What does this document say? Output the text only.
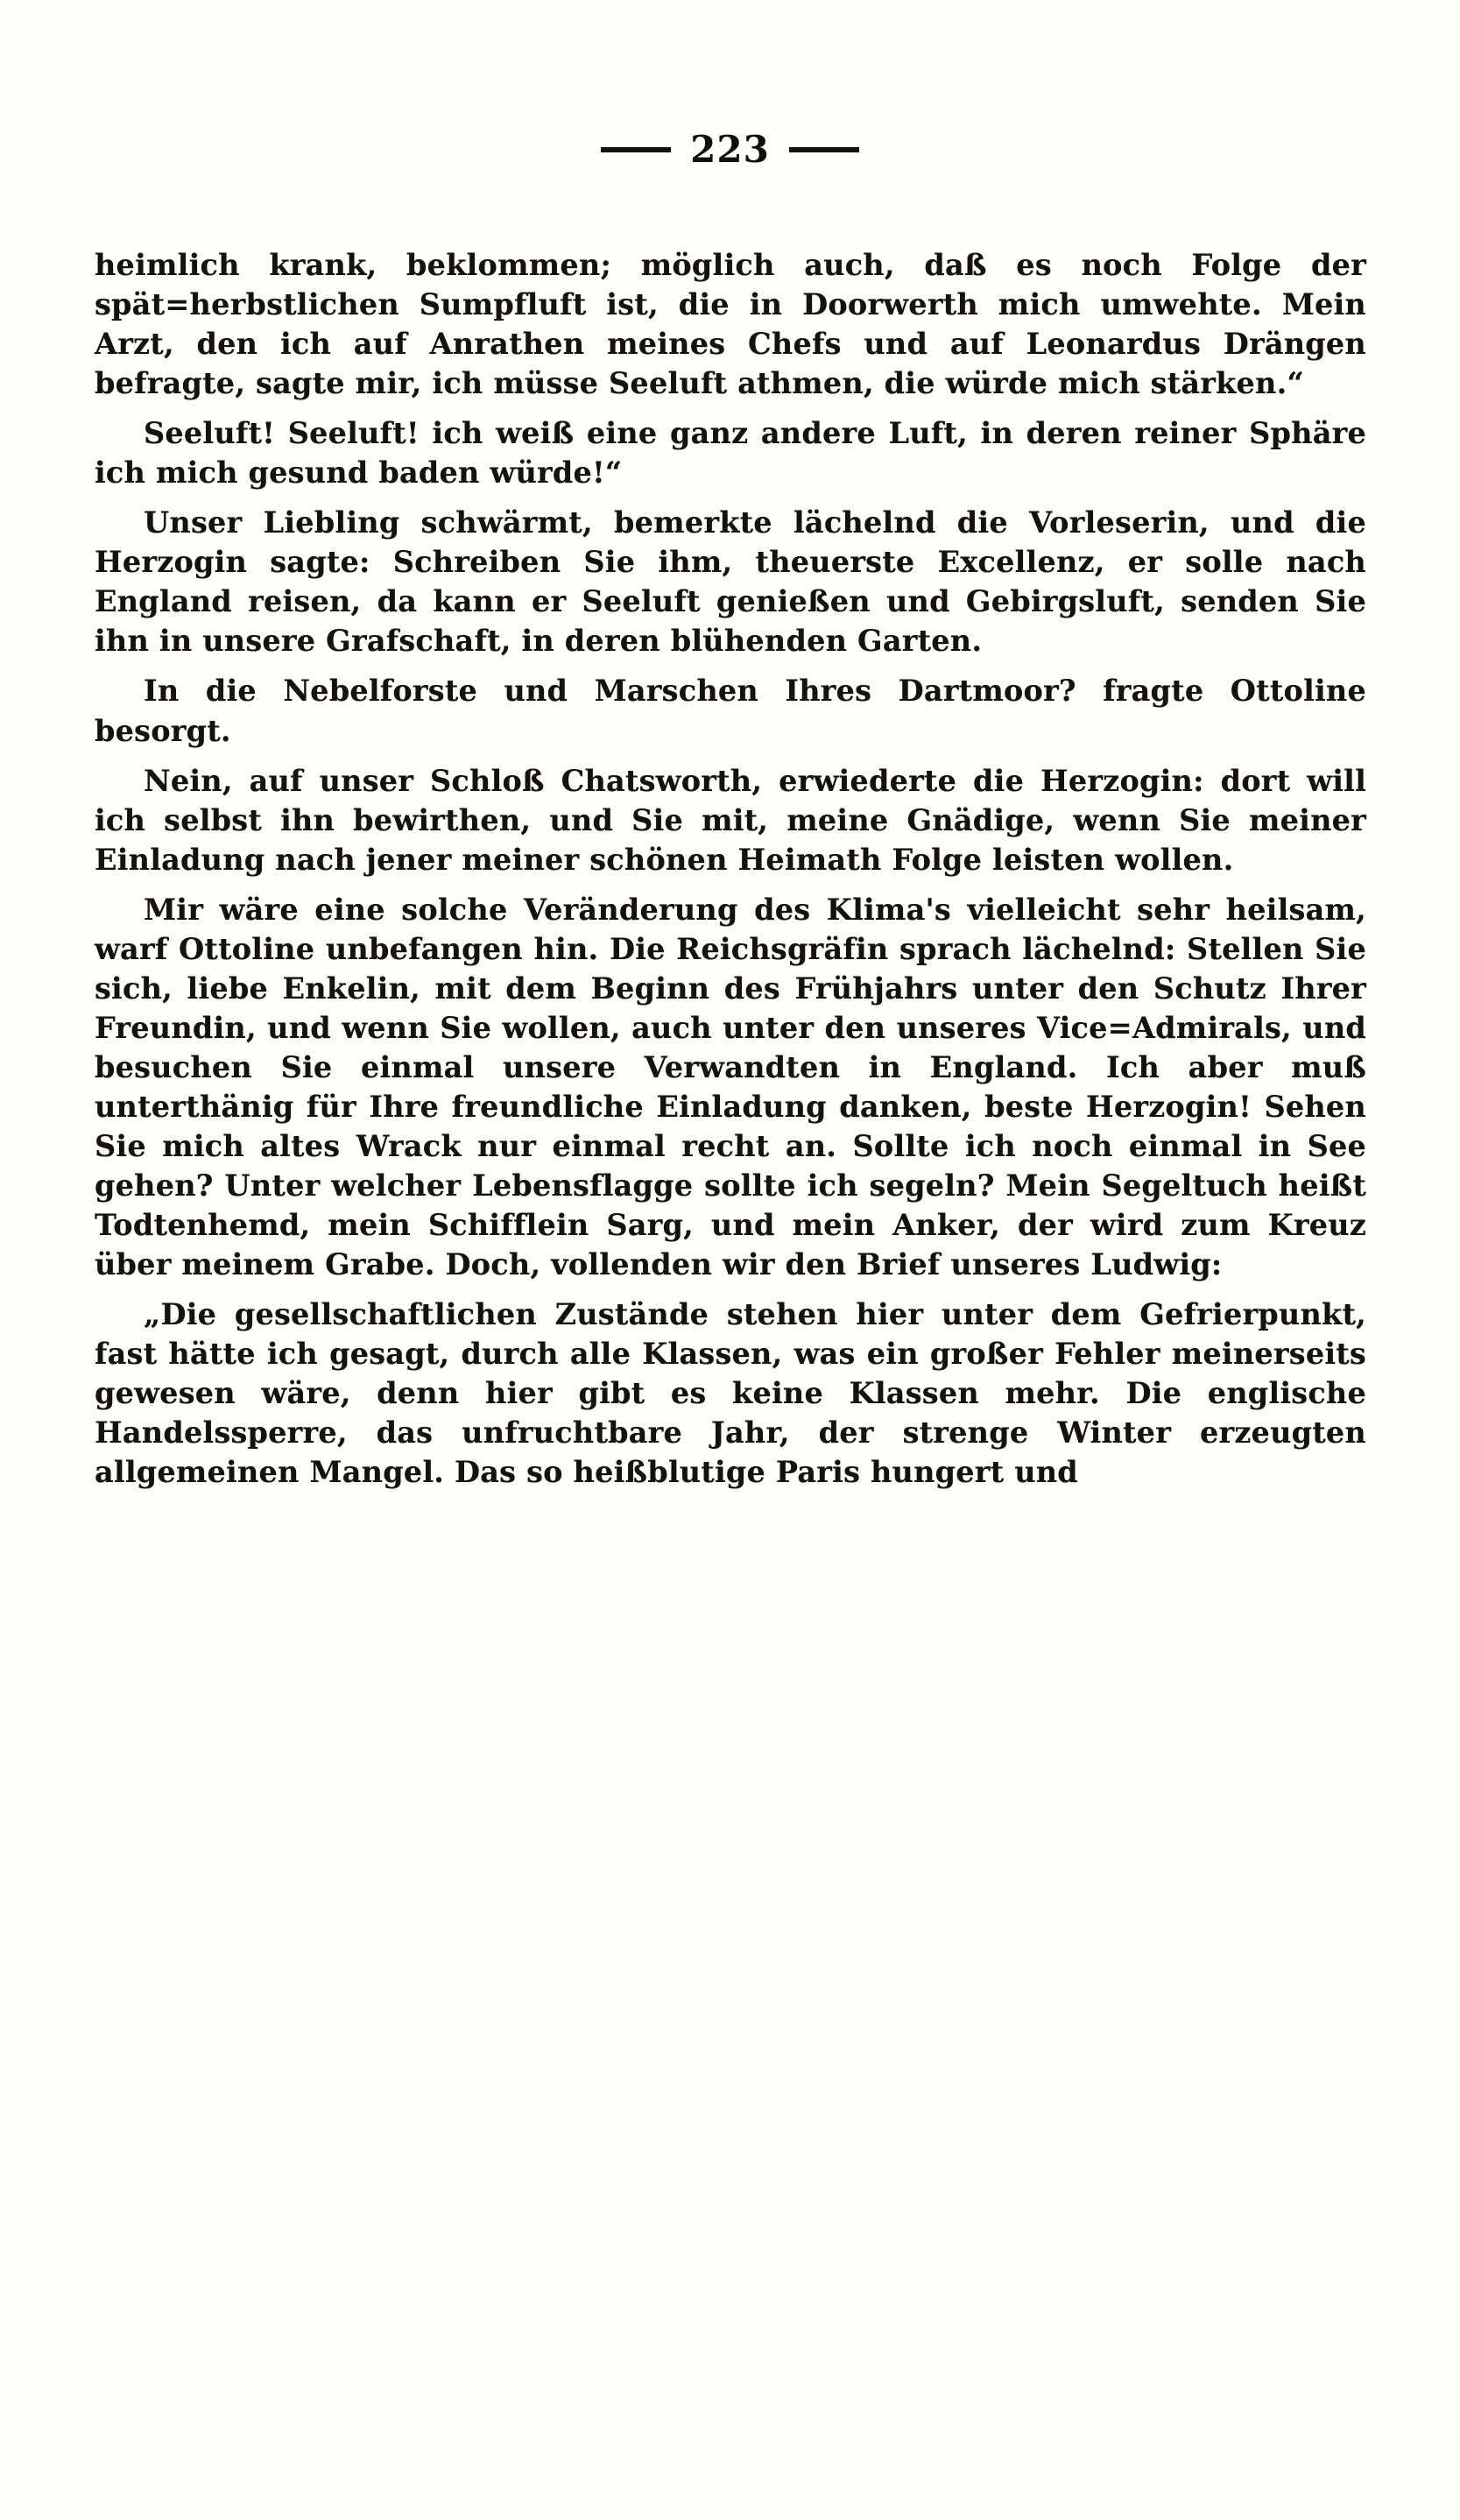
223

heimlich krank, beklommen; möglich auch, daß es noch Folge der spät=herbstlichen Sumpfluft ist, die in Doorwerth mich umwehte. Mein Arzt, den ich auf Anrathen meines Chefs und auf Leonardus Drängen befragte, sagte mir, ich müsse Seeluft athmen, die würde mich stärken.“

Seeluft! Seeluft! ich weiß eine ganz andere Luft, in deren reiner Sphäre ich mich gesund baden würde!“

Unser Liebling schwärmt, bemerkte lächelnd die Vorleserin, und die Herzogin sagte: Schreiben Sie ihm, theuerste Excellenz, er solle nach England reisen, da kann er Seeluft genießen und Gebirgsluft, senden Sie ihn in unsere Grafschaft, in deren blühenden Garten.

In die Nebelforste und Marschen Ihres Dartmoor? fragte Ottoline besorgt.

Nein, auf unser Schloß Chatsworth, erwiederte die Herzogin: dort will ich selbst ihn bewirthen, und Sie mit, meine Gnädige, wenn Sie meiner Einladung nach jener meiner schönen Heimath Folge leisten wollen.

Mir wäre eine solche Veränderung des Klima's vielleicht sehr heilsam, warf Ottoline unbefangen hin. Die Reichsgräfin sprach lächelnd: Stellen Sie sich, liebe Enkelin, mit dem Beginn des Frühjahrs unter den Schutz Ihrer Freundin, und wenn Sie wollen, auch unter den unseres Vice=Admirals, und besuchen Sie einmal unsere Verwandten in England. Ich aber muß unterthänig für Ihre freundliche Einladung danken, beste Herzogin! Sehen Sie mich altes Wrack nur einmal recht an. Sollte ich noch einmal in See gehen? Unter welcher Lebensflagge sollte ich segeln? Mein Segeltuch heißt Todtenhemd, mein Schifflein Sarg, und mein Anker, der wird zum Kreuz über meinem Grabe. Doch, vollenden wir den Brief unseres Ludwig:

„Die gesellschaftlichen Zustände stehen hier unter dem Gefrierpunkt, fast hätte ich gesagt, durch alle Klassen, was ein großer Fehler meinerseits gewesen wäre, denn hier gibt es keine Klassen mehr. Die englische Handelssperre, das unfruchtbare Jahr, der strenge Winter erzeugten allgemeinen Mangel. Das so heißblutige Paris hungert und
